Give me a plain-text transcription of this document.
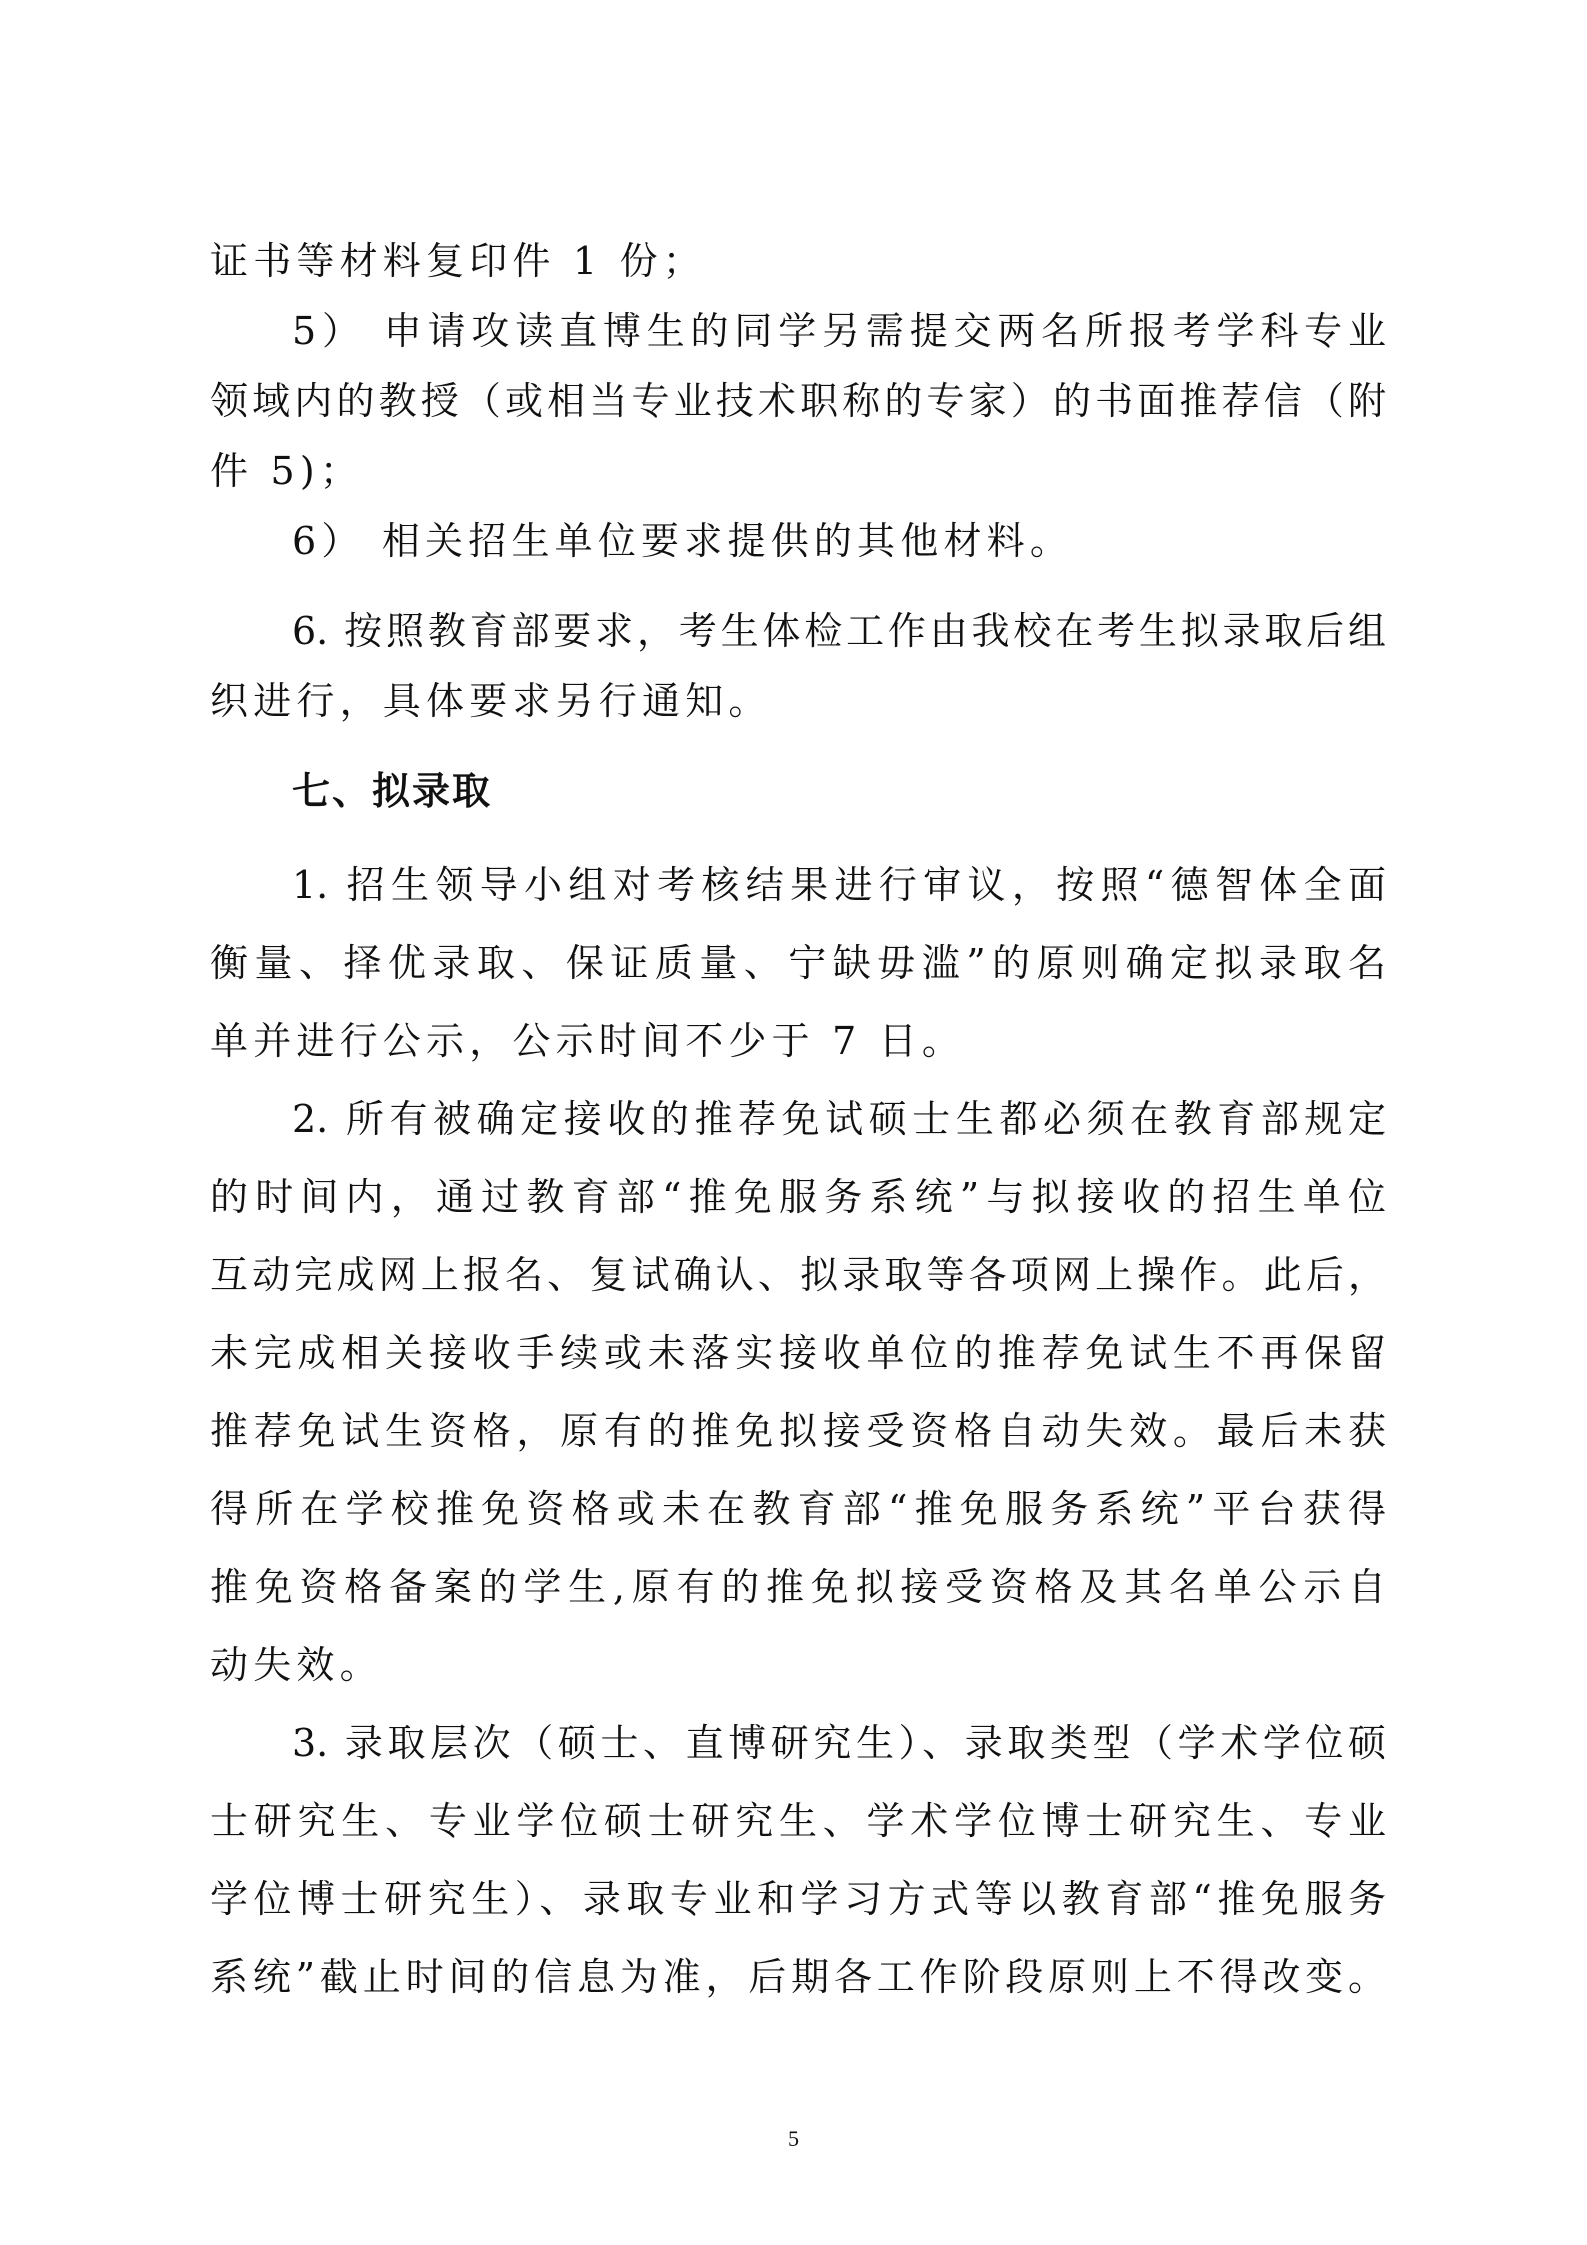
证书等材料复印件 1 份；
5） 申请攻读直博生的同学另需提交两名所报考学科专业
领域内的教授（或相当专业技术职称的专家）的书面推荐信（附
件 5)；
6） 相关招生单位要求提供的其他材料。
6. 按照教育部要求，考生体检工作由我校在考生拟录取后组
织进行，具体要求另行通知。
七、拟录取
1. 招生领导小组对考核结果进行审议，按照“德智体全面
衡量、择优录取、保证质量、宁缺毋滥”的原则确定拟录取名
单并进行公示，公示时间不少于 7 日。
2. 所有被确定接收的推荐免试硕士生都必须在教育部规定
的时间内，通过教育部“推免服务系统”与拟接收的招生单位
互动完成网上报名、复试确认、拟录取等各项网上操作。此后，
未完成相关接收手续或未落实接收单位的推荐免试生不再保留
推荐免试生资格，原有的推免拟接受资格自动失效。最后未获
得所在学校推免资格或未在教育部“推免服务系统”平台获得
推免资格备案的学生,原有的推免拟接受资格及其名单公示自
动失效。
3. 录取层次（硕士、直博研究生）、录取类型（学术学位硕
士研究生、专业学位硕士研究生、学术学位博士研究生、专业
学位博士研究生）、录取专业和学习方式等以教育部“推免服务
系统”截止时间的信息为准，后期各工作阶段原则上不得改变。
5
